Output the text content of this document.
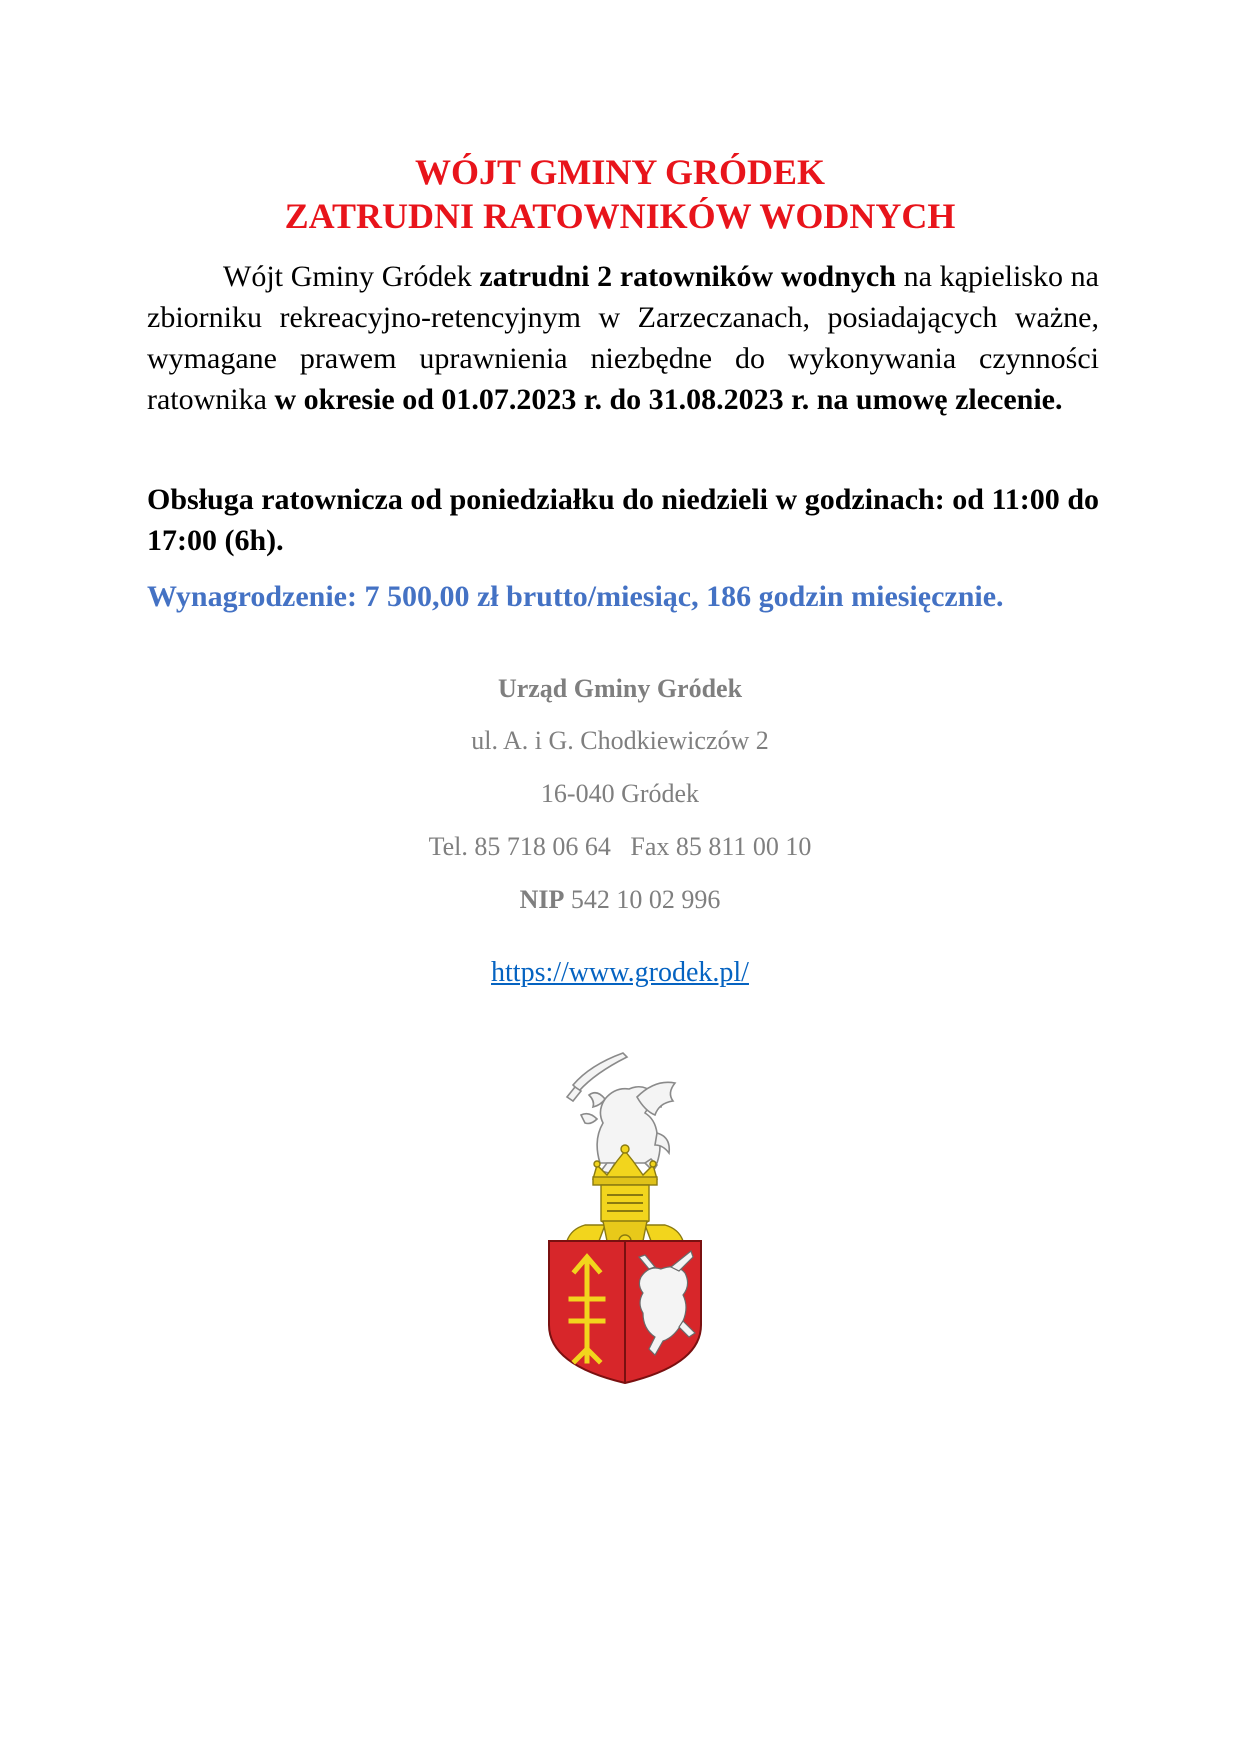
WÓJT GMINY GRÓDEK
ZATRUDNI RATOWNIKÓW WODNYCH

Wójt Gminy Gródek zatrudni 2 ratowników wodnych na kąpielisko na zbiorniku rekreacyjno-retencyjnym w Zarzeczanach, posiadających ważne, wymagane prawem uprawnienia niezbędne do wykonywania czynności ratownika w okresie od 01.07.2023 r. do 31.08.2023 r. na umowę zlecenie.

Obsługa ratownicza od poniedziałku do niedzieli w godzinach: od 11:00 do 17:00 (6h).

Wynagrodzenie: 7 500,00 zł brutto/miesiąc, 186 godzin miesięcznie.

Urząd Gminy Gródek
ul. A. i G. Chodkiewiczów 2
16-040 Gródek
Tel. 85 718 06 64   Fax 85 811 00 10
NIP 542 10 02 996
https://www.grodek.pl/
